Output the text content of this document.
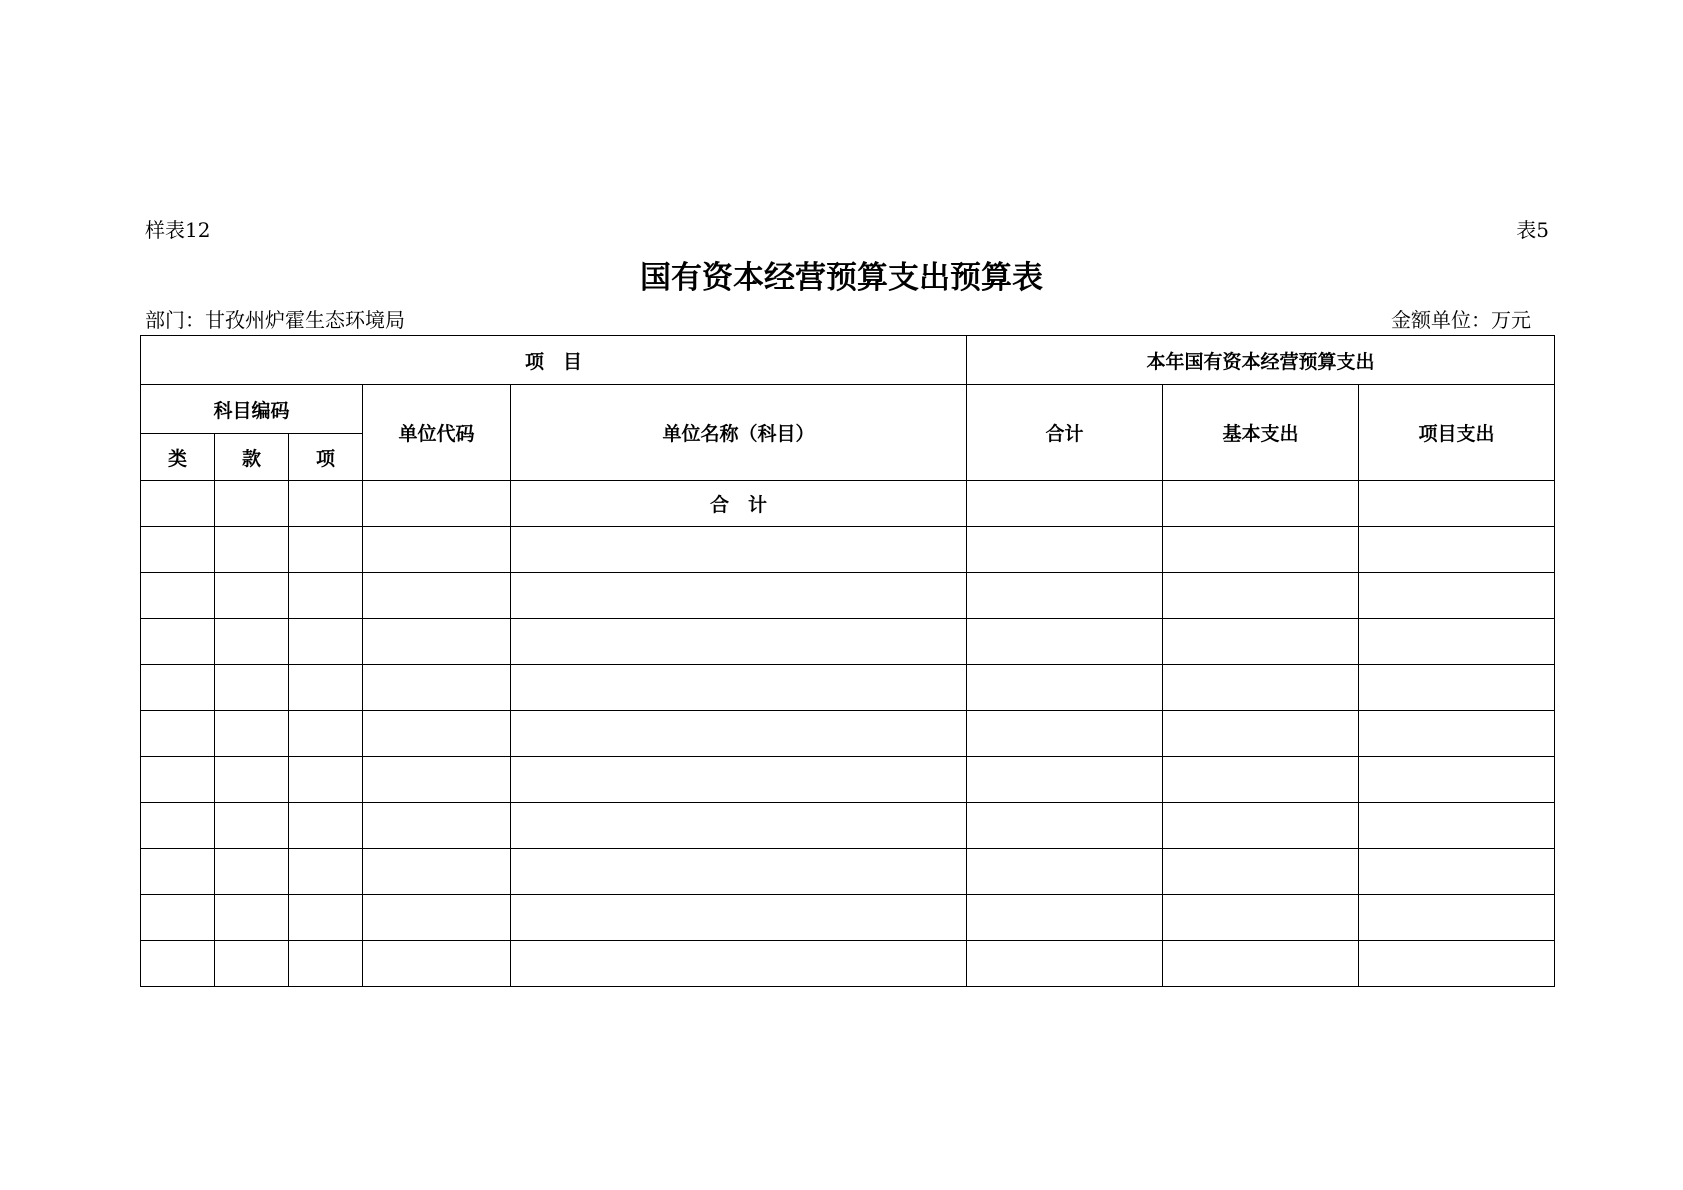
样表12	表5
国有资本经营预算支出预算表
部门：甘孜州炉霍生态环境局	金额单位：万元
项　目					本年国有资本经营预算支出		
科目编码			单位代码	单位名称（科目）	合计	基本支出	项目支出
类	款	项					
				合　计			
